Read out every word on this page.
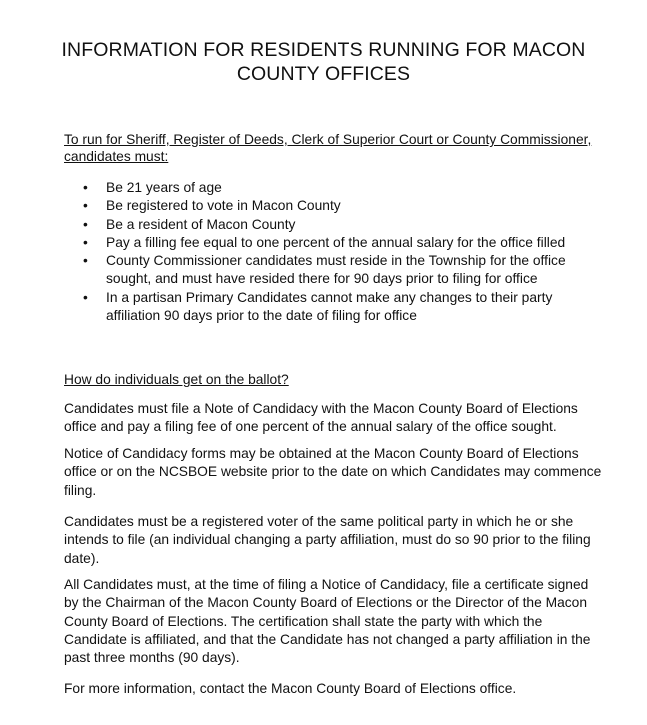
INFORMATION FOR RESIDENTS RUNNING FOR MACON COUNTY OFFICES

To run for Sheriff, Register of Deeds, Clerk of Superior Court or County Commissioner, candidates must:

• Be 21 years of age
• Be registered to vote in Macon County
• Be a resident of Macon County
• Pay a filling fee equal to one percent of the annual salary for the office filled
• County Commissioner candidates must reside in the Township for the office sought, and must have resided there for 90 days prior to filing for office
• In a partisan Primary Candidates cannot make any changes to their party affiliation 90 days prior to the date of filing for office

How do individuals get on the ballot?

Candidates must file a Note of Candidacy with the Macon County Board of Elections office and pay a filing fee of one percent of the annual salary of the office sought.

Notice of Candidacy forms may be obtained at the Macon County Board of Elections office or on the NCSBOE website prior to the date on which Candidates may commence filing.

Candidates must be a registered voter of the same political party in which he or she intends to file (an individual changing a party affiliation, must do so 90 prior to the filing date).

All Candidates must, at the time of filing a Notice of Candidacy, file a certificate signed by the Chairman of the Macon County Board of Elections or the Director of the Macon County Board of Elections. The certification shall state the party with which the Candidate is affiliated, and that the Candidate has not changed a party affiliation in the past three months (90 days).

For more information, contact the Macon County Board of Elections office.
